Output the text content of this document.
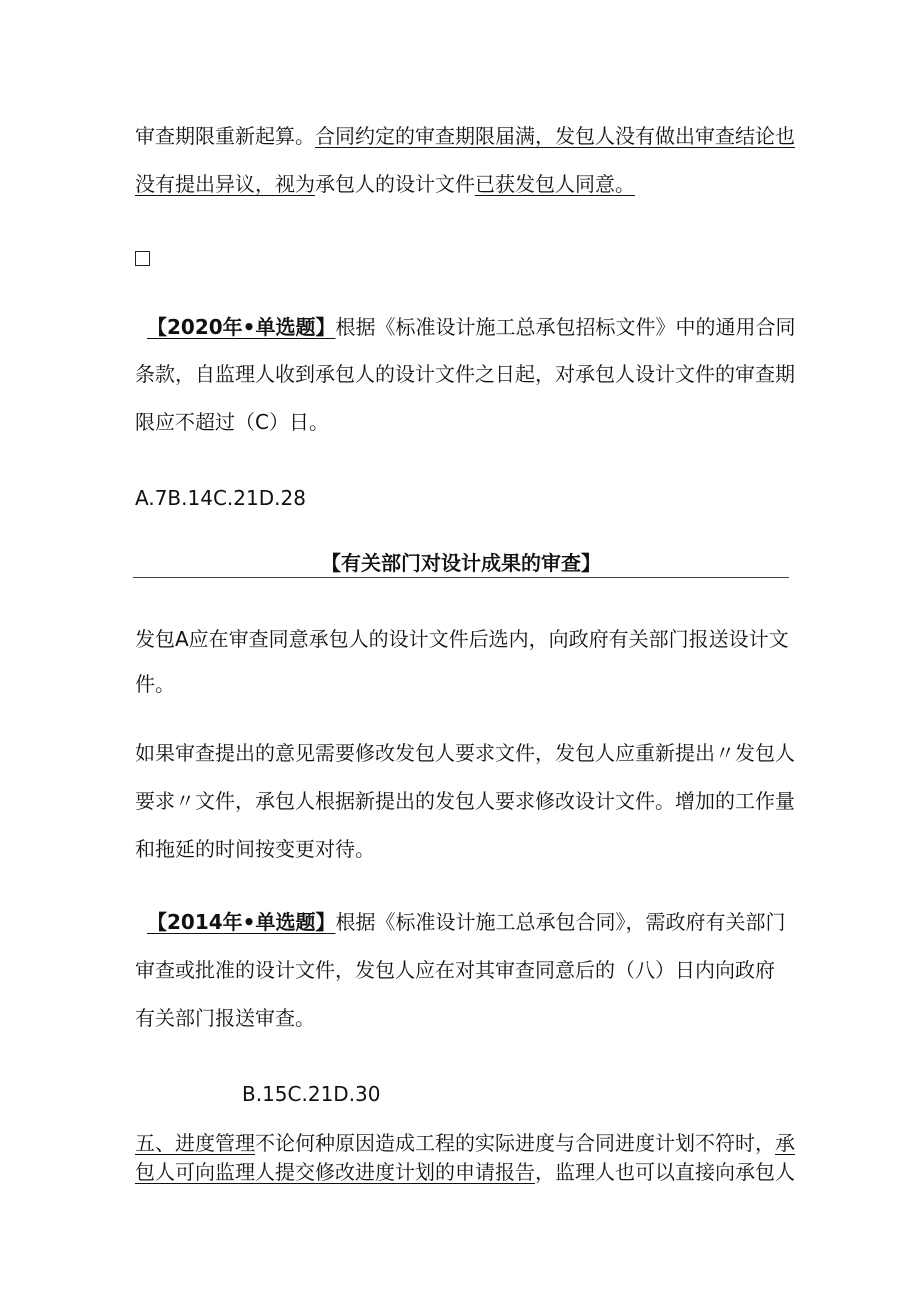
审查期限重新起算。合同约定的审查期限届满，发包人没有做出审查结论也
没有提出异议，视为承包人的设计文件已获发包人同意。
【2020年•单选题】根据《标准设计施工总承包招标文件》中的通用合同
条款，自监理人收到承包人的设计文件之日起，对承包人设计文件的审查期
限应不超过（C）日。
A.7B.14C.21D.28
【有关部门对设计成果的审查】
发包A应在审查同意承包人的设计文件后选内，向政府有关部门报送设计文
件。
如果审查提出的意见需要修改发包人要求文件，发包人应重新提出〃发包人
要求〃文件，承包人根据新提出的发包人要求修改设计文件。增加的工作量
和拖延的时间按变更对待。
【2014年•单选题】根据《标准设计施工总承包合同》，需政府有关部门
审查或批准的设计文件，发包人应在对其审查同意后的（八）日内向政府
有关部门报送审查。
B.15C.21D.30
五、进度管理不论何种原因造成工程的实际进度与合同进度计划不符时，承
包人可向监理人提交修改进度计划的申请报告，监理人也可以直接向承包人
